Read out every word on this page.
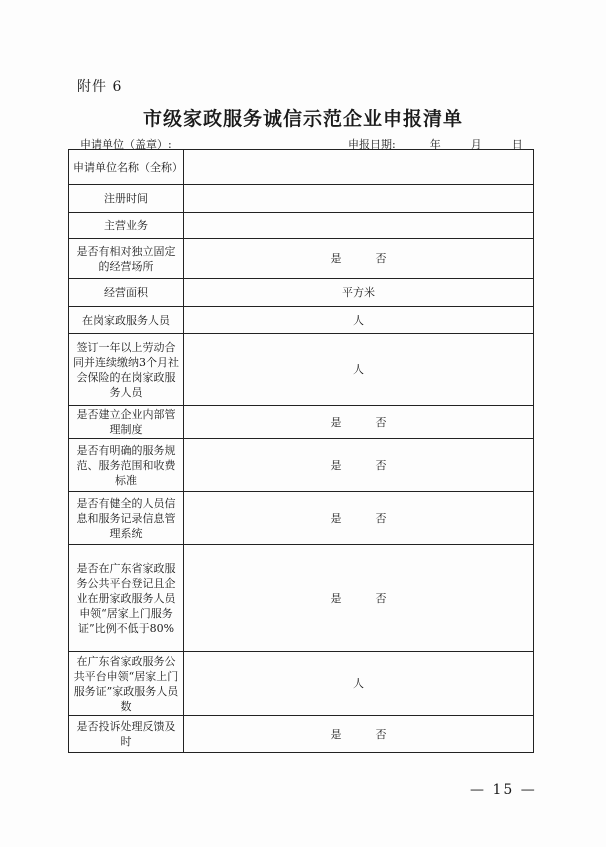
附件 6
市级家政服务诚信示范企业申报清单
申请单位（盖章）:	申报日期:	年	月	日
申请单位名称（全称）	
注册时间	
主营业务	
是否有相对独立固定的经营场所	是 否
经营面积	平方米
在岗家政服务人员	人
签订一年以上劳动合同并连续缴纳3个月社会保险的在岗家政服务人员	人
是否建立企业内部管理制度	是 否
是否有明确的服务规范、服务范围和收费标准	是 否
是否有健全的人员信息和服务记录信息管理系统	是 否
是否在广东省家政服务公共平台登记且企业在册家政服务人员申领“居家上门服务证”比例不低于80%	是 否
在广东省家政服务公共平台申领“居家上门服务证”家政服务人员数	人
是否投诉处理反馈及时	是 否
— 15 —
